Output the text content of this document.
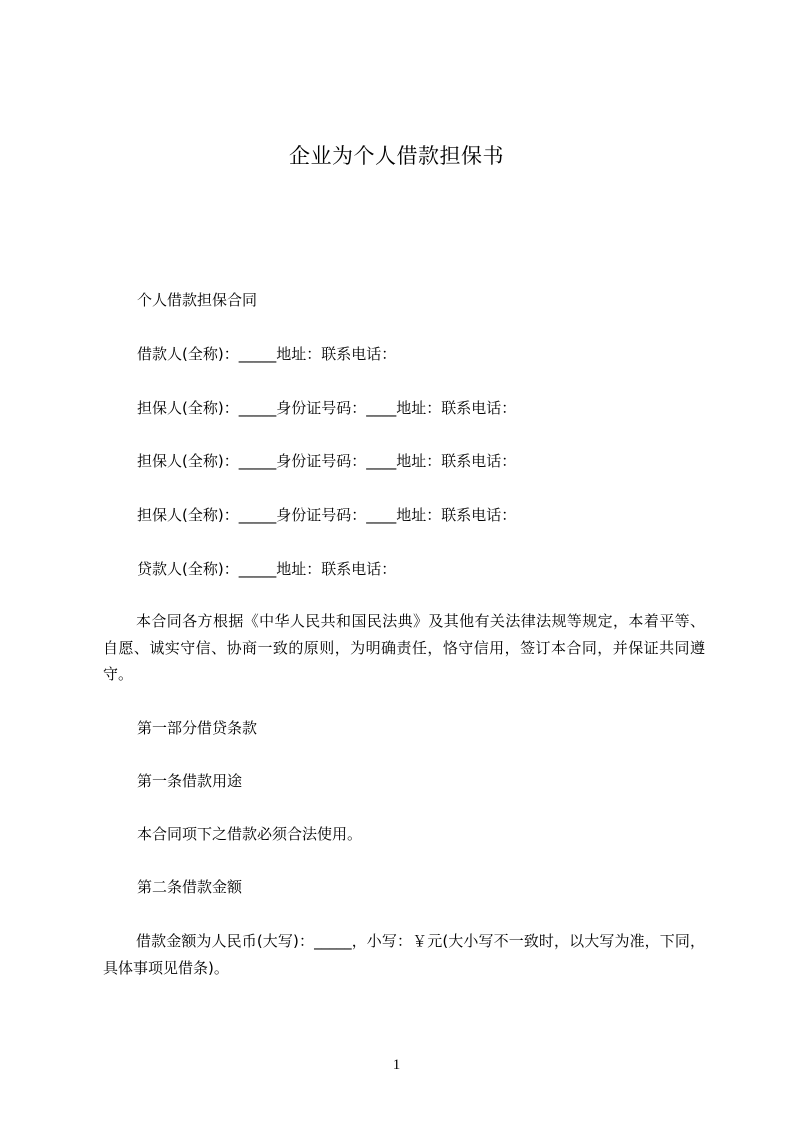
企业为个人借款担保书
个人借款担保合同
借款人(全称)：_____地址：联系电话：
担保人(全称)：_____身份证号码：____地址：联系电话：
担保人(全称)：_____身份证号码：____地址：联系电话：
担保人(全称)：_____身份证号码：____地址：联系电话：
贷款人(全称)：_____地址：联系电话：
本合同各方根据《中华人民共和国民法典》及其他有关法律法规等规定，本着平等、自愿、诚实守信、协商一致的原则，为明确责任，恪守信用，签订本合同，并保证共同遵守。
第一部分借贷条款
第一条借款用途
本合同项下之借款必须合法使用。
第二条借款金额
借款金额为人民币(大写)：_____，小写：￥元(大小写不一致时，以大写为准，下同，具体事项见借条)。
1
